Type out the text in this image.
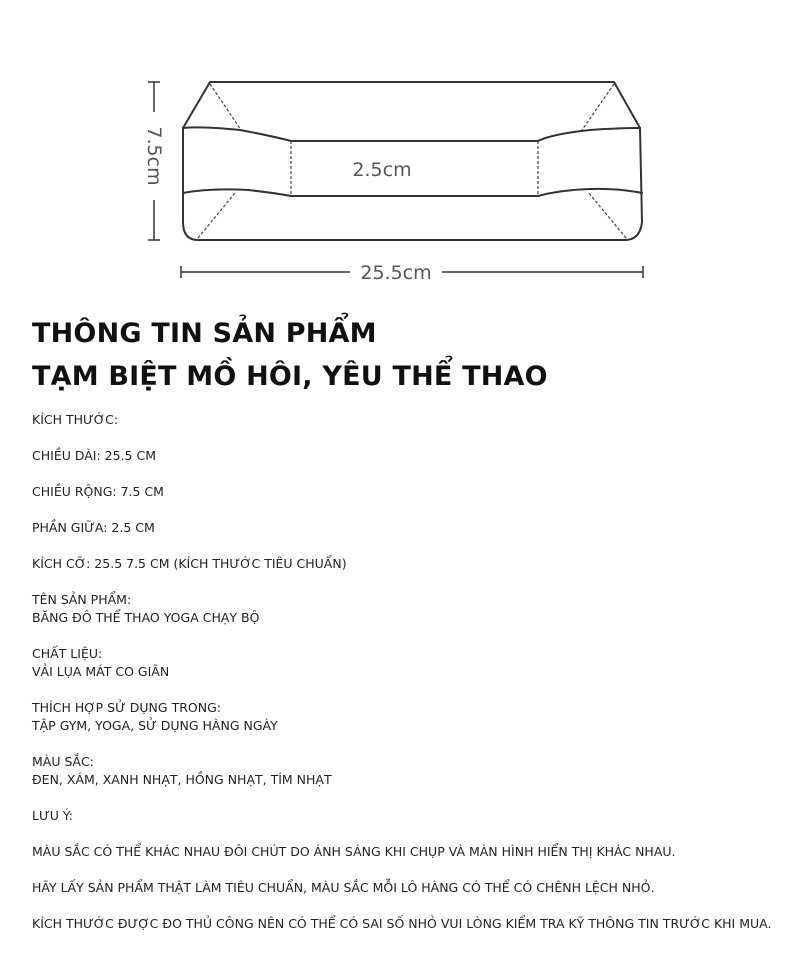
7.5cm	2.5cm
25.5cm
THÔNG TIN SẢN PHẨM
TẠM BIỆT MỒ HÔI, YÊU THỂ THAO
KÍCH THƯỚC:
CHIỀU DÀI: 25.5 CM
CHIỀU RỘNG: 7.5 CM
PHẦN GIỮA: 2.5 CM
KÍCH CỠ: 25.5 7.5 CM (KÍCH THƯỚC TIÊU CHUẨN)
TÊN SẢN PHẨM:
BĂNG ĐÔ THỂ THAO YOGA CHẠY BỘ
CHẤT LIỆU:
VẢI LỤA MÁT CO GIÃN
THÍCH HỢP SỬ DỤNG TRONG:
TẬP GYM, YOGA, SỬ DỤNG HÀNG NGÀY
MÀU SẮC:
ĐEN, XÁM, XANH NHẠT, HỒNG NHẠT, TÍM NHẠT
LƯU Ý:
MÀU SẮC CÓ THỂ KHÁC NHAU ĐÔI CHÚT DO ÁNH SÁNG KHI CHỤP VÀ MÀN HÌNH HIỂN THỊ KHÁC NHAU.
HÃY LẤY SẢN PHẨM THẬT LÀM TIÊU CHUẨN, MÀU SẮC MỖI LÔ HÀNG CÓ THỂ CÓ CHÊNH LỆCH NHỎ.
KÍCH THƯỚC ĐƯỢC ĐO THỦ CÔNG NÊN CÓ THỂ CÓ SAI SỐ NHỎ VUI LÒNG KIỂM TRA KỸ THÔNG TIN TRƯỚC KHI MUA.
